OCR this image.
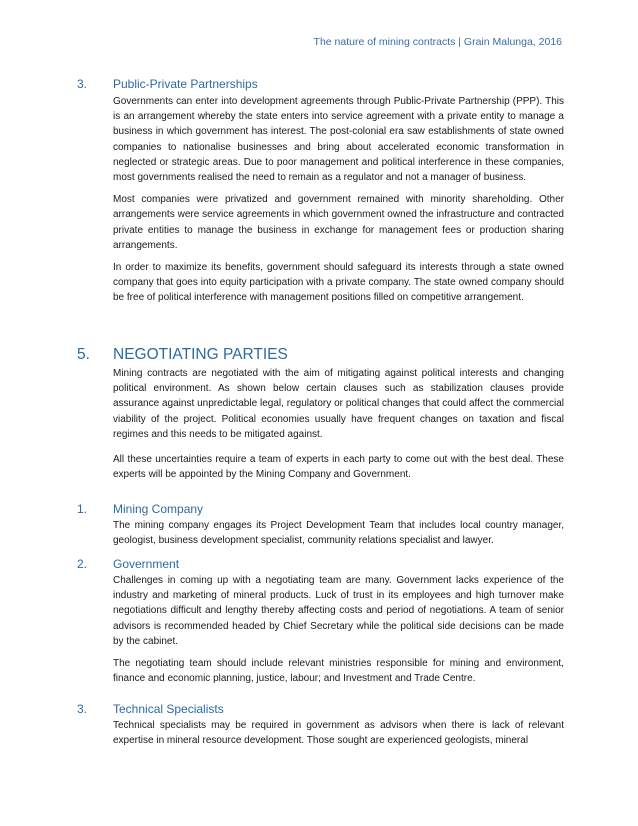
The nature of mining contracts | Grain Malunga, 2016
3.	Public-Private Partnerships

Governments can enter into development agreements through Public-Private Partnership (PPP). This is an arrangement whereby the state enters into service agreement with a private entity to manage a business in which government has interest. The post-colonial era saw establishments of state owned companies to nationalise businesses and bring about accelerated economic transformation in neglected or strategic areas. Due to poor management and political interference in these companies, most governments realised the need to remain as a regulator and not a manager of business.

Most companies were privatized and government remained with minority shareholding. Other arrangements were service agreements in which government owned the infrastructure and contracted private entities to manage the business in exchange for management fees or production sharing arrangements.

In order to maximize its benefits, government should safeguard its interests through a state owned company that goes into equity participation with a private company. The state owned company should be free of political interference with management positions filled on competitive arrangement.

5.	NEGOTIATING PARTIES

Mining contracts are negotiated with the aim of mitigating against political interests and changing political environment. As shown below certain clauses such as stabilization clauses provide assurance against unpredictable legal, regulatory or political changes that could affect the commercial viability of the project. Political economies usually have frequent changes on taxation and fiscal regimes and this needs to be mitigated against.

All these uncertainties require a team of experts in each party to come out with the best deal. These experts will be appointed by the Mining Company and Government.

1.	Mining Company

The mining company engages its Project Development Team that includes local country manager, geologist, business development specialist, community relations specialist and lawyer.

2.	Government

Challenges in coming up with a negotiating team are many. Government lacks experience of the industry and marketing of mineral products. Luck of trust in its employees and high turnover make negotiations difficult and lengthy thereby affecting costs and period of negotiations. A team of senior advisors is recommended headed by Chief Secretary while the political side decisions can be made by the cabinet.

The negotiating team should include relevant ministries responsible for mining and environment, finance and economic planning, justice, labour; and Investment and Trade Centre.

3.	Technical Specialists

Technical specialists may be required in government as advisors when there is lack of relevant expertise in mineral resource development. Those sought are experienced geologists, mineral
